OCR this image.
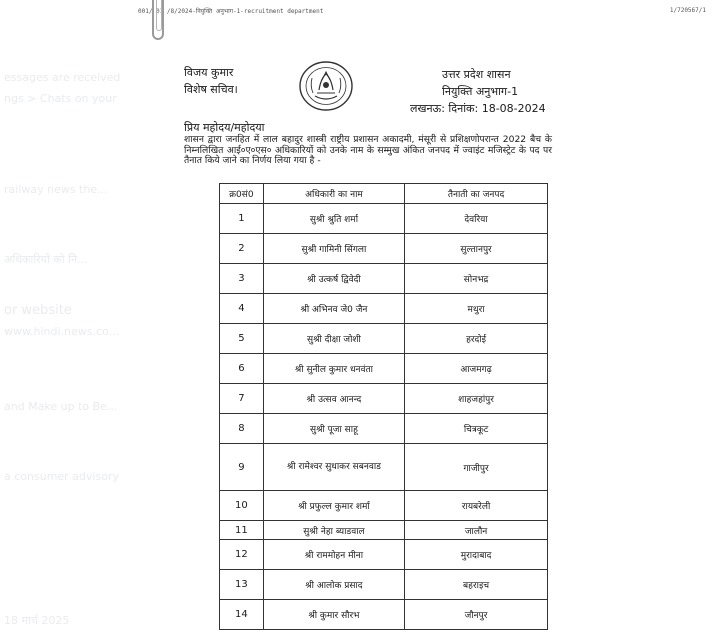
001/ 01 /8/2024-नियुक्ति अनुभाग-1-recruitment department	1/720567/1
essages are received
ngs > Chats on your
railway news the...
अधिकारियों को नि...
or website
www.hindi.news.co...
and Make up to Be...
a consumer advisory
18 मार्च 2025
विजय कुमार
विशेष सचिव।
उत्तर प्रदेश शासन
नियुक्ति अनुभाग-1
लखनऊ: दिनांक: 18-08-2024
प्रिय महोदय/महोदया
शासन द्वारा जनहित में लाल बहादुर शास्त्री राष्ट्रीय प्रशासन अकादमी, मंसूरी से प्रशिक्षणोपरान्त 2022 बैच के निम्नलिखित आई०ए०एस० अधिकारियों को उनके नाम के सम्मुख अंकित जनपद में ज्वाइंट मजिस्ट्रेट के पद पर तैनात किये जाने का निर्णय लिया गया है -
क्र0सं0	अधिकारी का नाम	तैनाती का जनपद
1	सुश्री श्रुति शर्मा	देवरिया
2	सुश्री गामिनी सिंगला	सुल्तानपुर
3	श्री उत्कर्ष द्विवेदी	सोनभद्र
4	श्री अभिनव जे0 जैन	मथुरा
5	सुश्री दीक्षा जोशी	हरदोई
6	श्री सुनील कुमार धनवंता	आजमगढ़
7	श्री उत्सव आनन्द	शाहजहांपुर
8	सुश्री पूजा साहू	चित्रकूट
9	श्री रामेश्वर सुधाकर सबनवाड	गाजीपुर
10	श्री प्रफुल्ल कुमार शर्मा	रायबरेली
11	सुश्री नेहा ब्याडवाल	जालौन
12	श्री राममोहन मीना	मुरादाबाद
13	श्री आलोक प्रसाद	बहराइच
14	श्री कुमार सौरभ	जौनपुर
